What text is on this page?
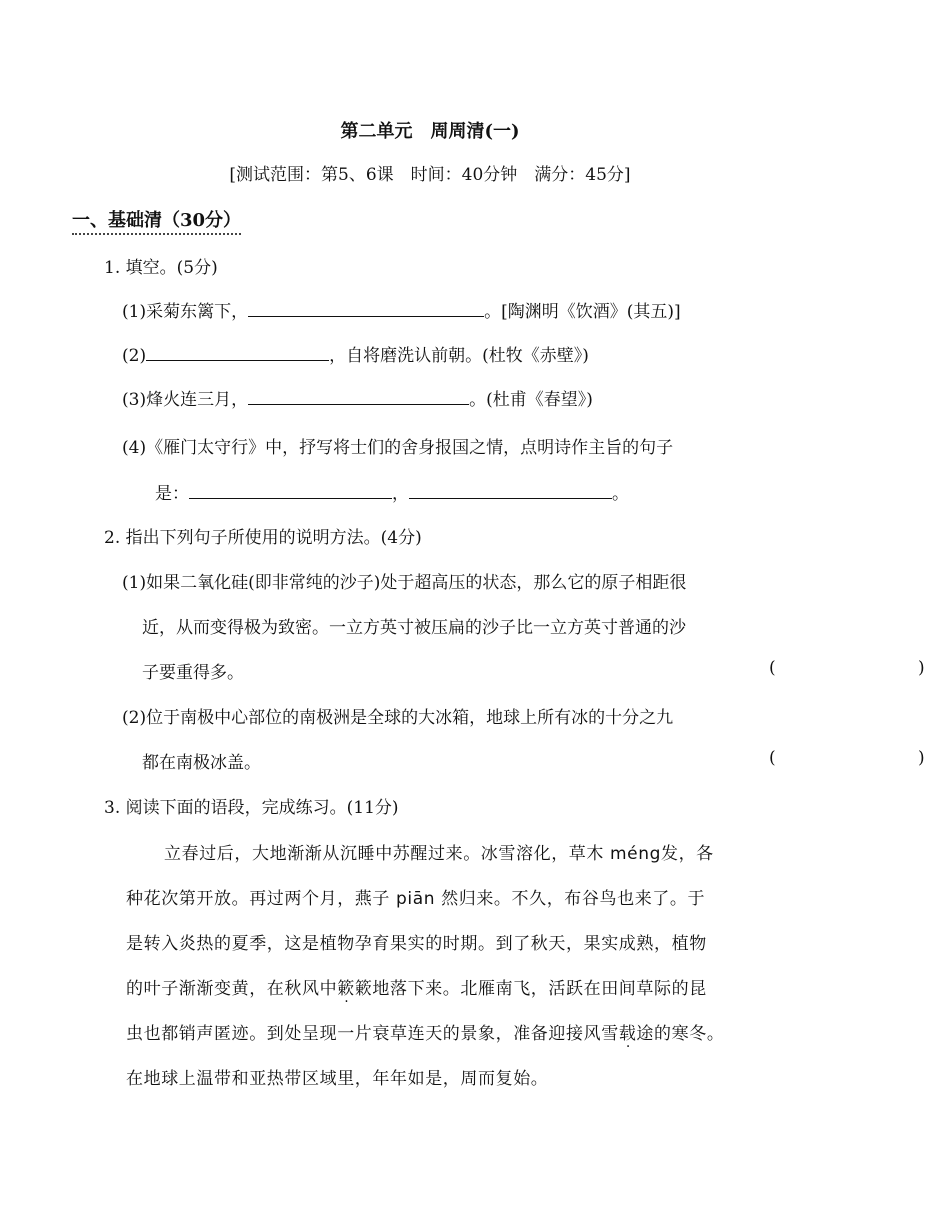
第二单元　周周清(一)
[测试范围：第5、6课　时间：40分钟　满分：45分]
一、基础清（30分）
1. 填空。(5分)
(1)采菊东篱下，	。[陶渊明《饮酒》(其五)]
(2)	，自将磨洗认前朝。(杜牧《赤壁》)
(3)烽火连三月，	。(杜甫《春望》)
(4)《雁门太守行》中，抒写将士们的舍身报国之情，点明诗作主旨的句子
是：	，	。
2. 指出下列句子所使用的说明方法。(4分)
(1)如果二氧化硅(即非常纯的沙子)处于超高压的状态，那么它的原子相距很
近，从而变得极为致密。一立方英寸被压扁的沙子比一立方英寸普通的沙
子要重得多。	(	)
(2)位于南极中心部位的南极洲是全球的大冰箱，地球上所有冰的十分之九
都在南极冰盖。	(	)
3. 阅读下面的语段，完成练习。(11分)
立春过后，大地渐渐从沉睡中苏醒过来。冰雪溶化，草木 méng发，各
种花次第开放。再过两个月，燕子 piān 然归来。不久，布谷鸟也来了。于
是转入炎热的夏季，这是植物孕育果实的时期。到了秋天，果实成熟，植物
的叶子渐渐变黄，在秋风中簌簌地落下来。北雁南飞，活跃在田间草际的昆
虫也都销声匿迹。到处呈现一片衰草连天的景象，准备迎接风雪载途的寒冬。
在地球上温带和亚热带区域里，年年如是，周而复始。
